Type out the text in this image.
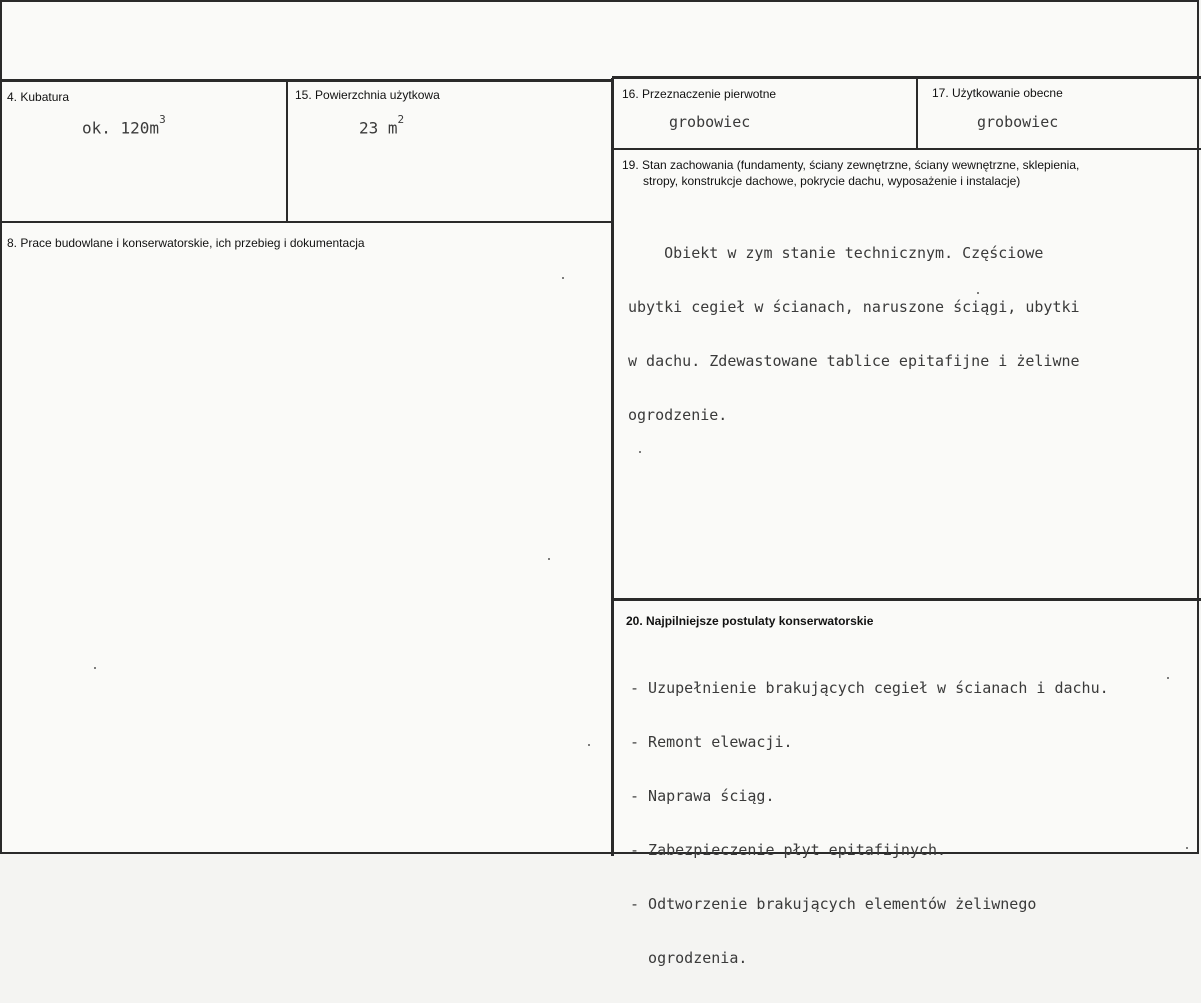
4. Kubatura
ok. $120m^3$
15. Powierzchnia użytkowa
23 $m^2$
16. Przeznaczenie pierwotne
grobowiec
17. Użytkowanie obecne
grobowiec
8. Prace budowlane i konserwatorskie, ich przebieg i dokumentacja
19. Stan zachowania (fundamenty, ściany zewnętrzne, ściany wewnętrzne, sklepienia,
stropy, konstrukcje dachowe, pokrycie dachu, wyposażenie i instalacje)

Obiekt w zym stanie technicznym. Częściowe

ubytki cegieł w ścianach, naruszone ściągi, ubytki

w dachu. Zdewastowane tablice epitafijne i żeliwne

ogrodzenie.

20. Najpilniejsze postulaty konserwatorskie

- Uzupełnienie brakujących cegieł w ścianach i dachu.

- Remont elewacji.

- Naprawa ściąg.

- Zabezpieczenie płyt epitafijnych.

- Odtworzenie brakujących elementów żeliwnego

ogrodzenia.
